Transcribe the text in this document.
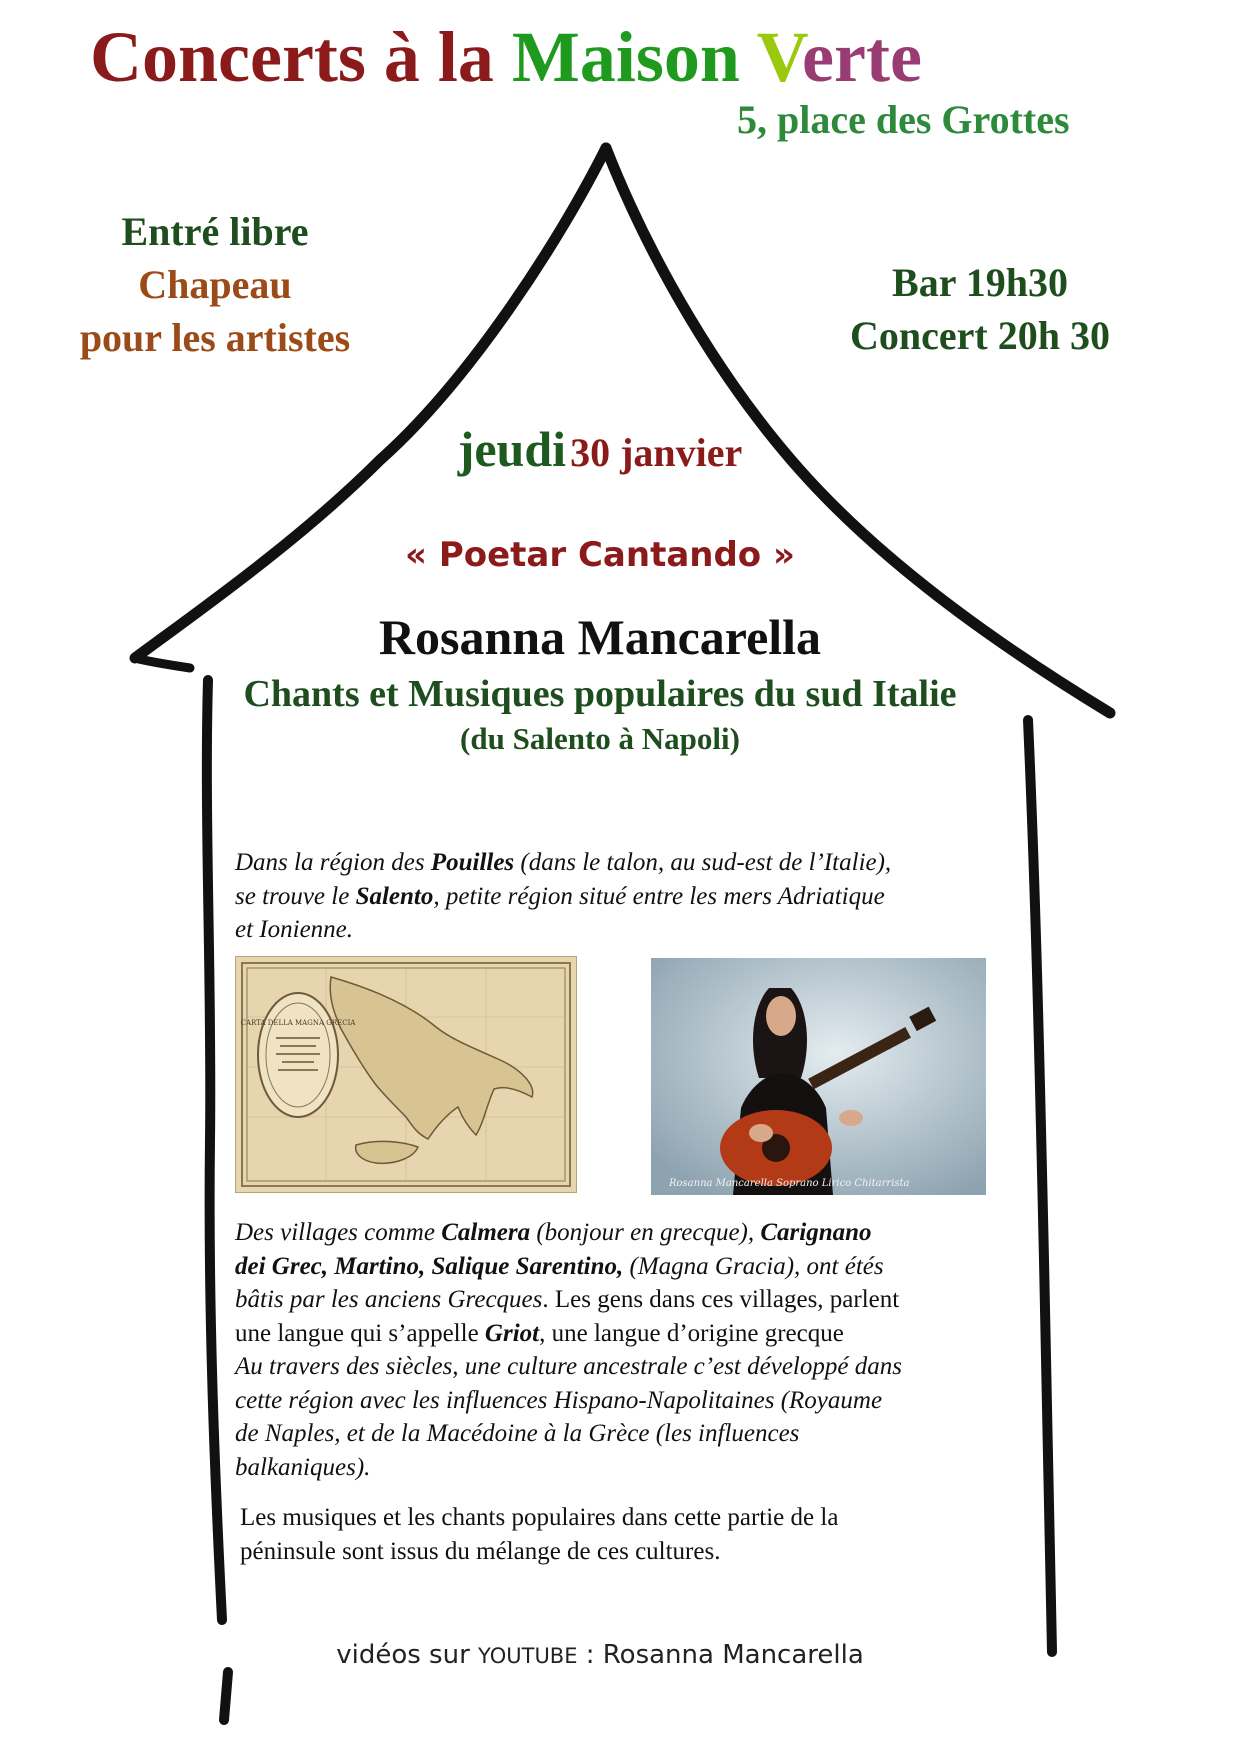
Concerts à la Maison Verte
5, place des Grottes
Entré libre
Chapeau
pour les artistes
Bar 19h30
Concert 20h 30
jeudi 30 janvier
« Poetar Cantando »
Rosanna Mancarella
Chants et Musiques populaires du sud Italie
(du Salento à Napoli)
Dans la région des Pouilles (dans le talon, au sud-est de l’Italie),
se trouve le Salento, petite région situé entre les mers Adriatique
et Ionienne.
CARTA DELLA MAGNA GRECIA
Rosanna Mancarella Soprano Lirico Chitarrista
Des villages comme Calmera (bonjour en grecque), Carignano
dei Grec, Martino, Salique Sarentino, (Magna Gracia), ont étés
bâtis par les anciens Grecques. Les gens dans ces villages, parlent
une langue qui s’appelle Griot, une langue d’origine grecque
Au travers des siècles, une culture ancestrale c’est développé dans
cette région avec les influences Hispano-Napolitaines (Royaume
de Naples, et de la Macédoine à la Grèce (les influences
balkaniques).
Les musiques et les chants populaires dans cette partie de la
péninsule sont issus du mélange de ces cultures.
vidéos sur YOUTUBE : Rosanna Mancarella
